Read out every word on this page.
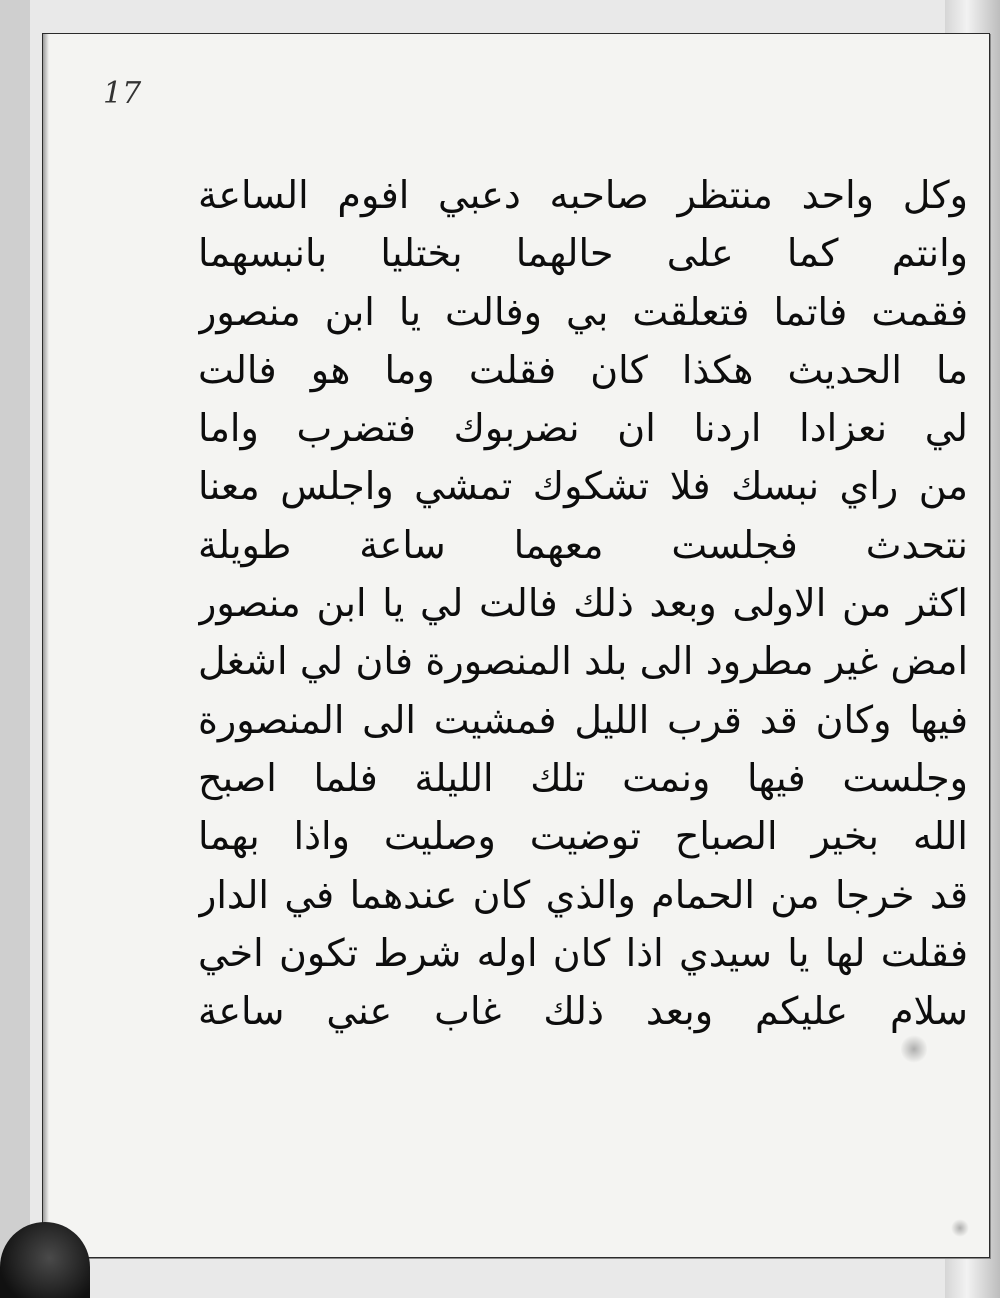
17
وكل واحد منتظر صاحبه دعبي افوم الساعة
وانتم كما على حالهما بختليا بانبسهما
فقمت فاتما فتعلقت بي وفالت يا ابن منصور
ما الحديث هكذا كان فقلت وما هو فالت
لي نعزادا اردنا ان نضربوك فتضرب واما
من راي نبسك فلا تشكوك تمشي واجلس معنا
نتحدث فجلست معهما ساعة طويلة
اكثر من الاولى وبعد ذلك فالت لي يا ابن منصور
امض غير مطرود الى بلد المنصورة فان لي اشغل
فيها وكان قد قرب الليل فمشيت الى المنصورة
وجلست فيها ونمت تلك الليلة فلما اصبح
الله بخير الصباح توضيت وصليت واذا بهما
قد خرجا من الحمام والذي كان عندهما في الدار
فقلت لها يا سيدي اذا كان اوله شرط تكون اخي
سلام عليكم وبعد ذلك غاب عني ساعة
